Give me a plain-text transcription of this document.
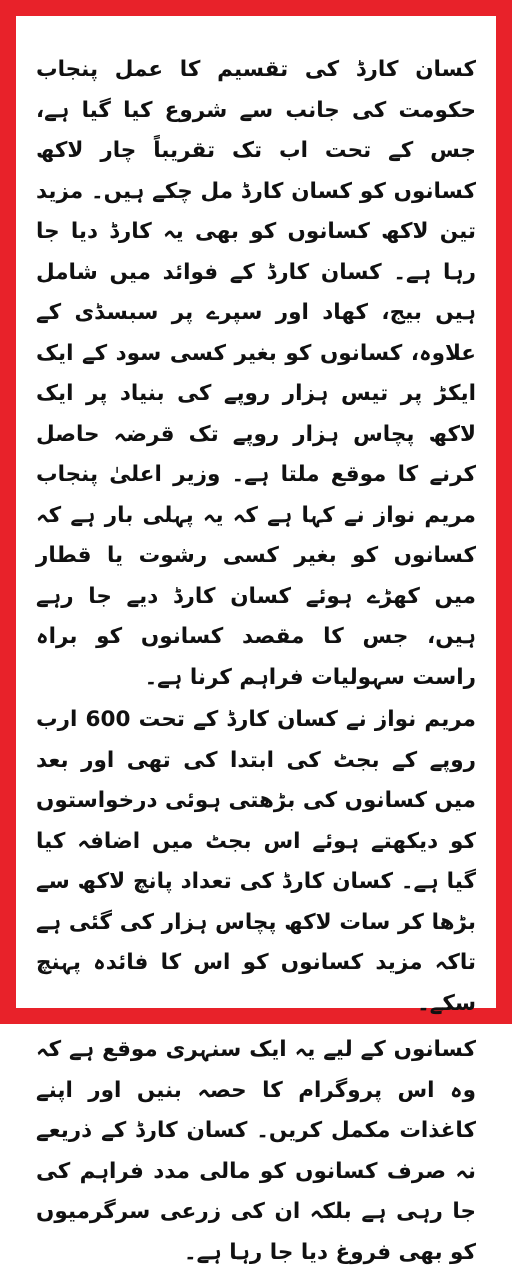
کسان کارڈ کی تقسیم کا عمل پنجاب حکومت کی جانب سے شروع کیا گیا ہے، جس کے تحت اب تک تقریباً چار لاکھ کسانوں کو کسان کارڈ مل چکے ہیں۔ مزید تین لاکھ کسانوں کو بھی یہ کارڈ دیا جا رہا ہے۔ کسان کارڈ کے فوائد میں شامل ہیں بیج، کھاد اور سپرے پر سبسڈی کے علاوہ، کسانوں کو بغیر کسی سود کے ایک ایکڑ پر تیس ہزار روپے کی بنیاد پر ایک لاکھ پچاس ہزار روپے تک قرضہ حاصل کرنے کا موقع ملتا ہے۔ وزیر اعلیٰ پنجاب مریم نواز نے کہا ہے کہ یہ پہلی بار ہے کہ کسانوں کو بغیر کسی رشوت یا قطار میں کھڑے ہوئے کسان کارڈ دیے جا رہے ہیں، جس کا مقصد کسانوں کو براہ راست سہولیات فراہم کرنا ہے۔

مریم نواز نے کسان کارڈ کے تحت 600 ارب روپے کے بجٹ کی ابتدا کی تھی اور بعد میں کسانوں کی بڑھتی ہوئی درخواستوں کو دیکھتے ہوئے اس بجٹ میں اضافہ کیا گیا ہے۔ کسان کارڈ کی تعداد پانچ لاکھ سے بڑھا کر سات لاکھ پچاس ہزار کی گئی ہے تاکہ مزید کسانوں کو اس کا فائدہ پہنچ سکے۔

کسانوں کے لیے یہ ایک سنہری موقع ہے کہ وہ اس پروگرام کا حصہ بنیں اور اپنے کاغذات مکمل کریں۔ کسان کارڈ کے ذریعے نہ صرف کسانوں کو مالی مدد فراہم کی جا رہی ہے بلکہ ان کی زرعی سرگرمیوں کو بھی فروغ دیا جا رہا ہے۔
